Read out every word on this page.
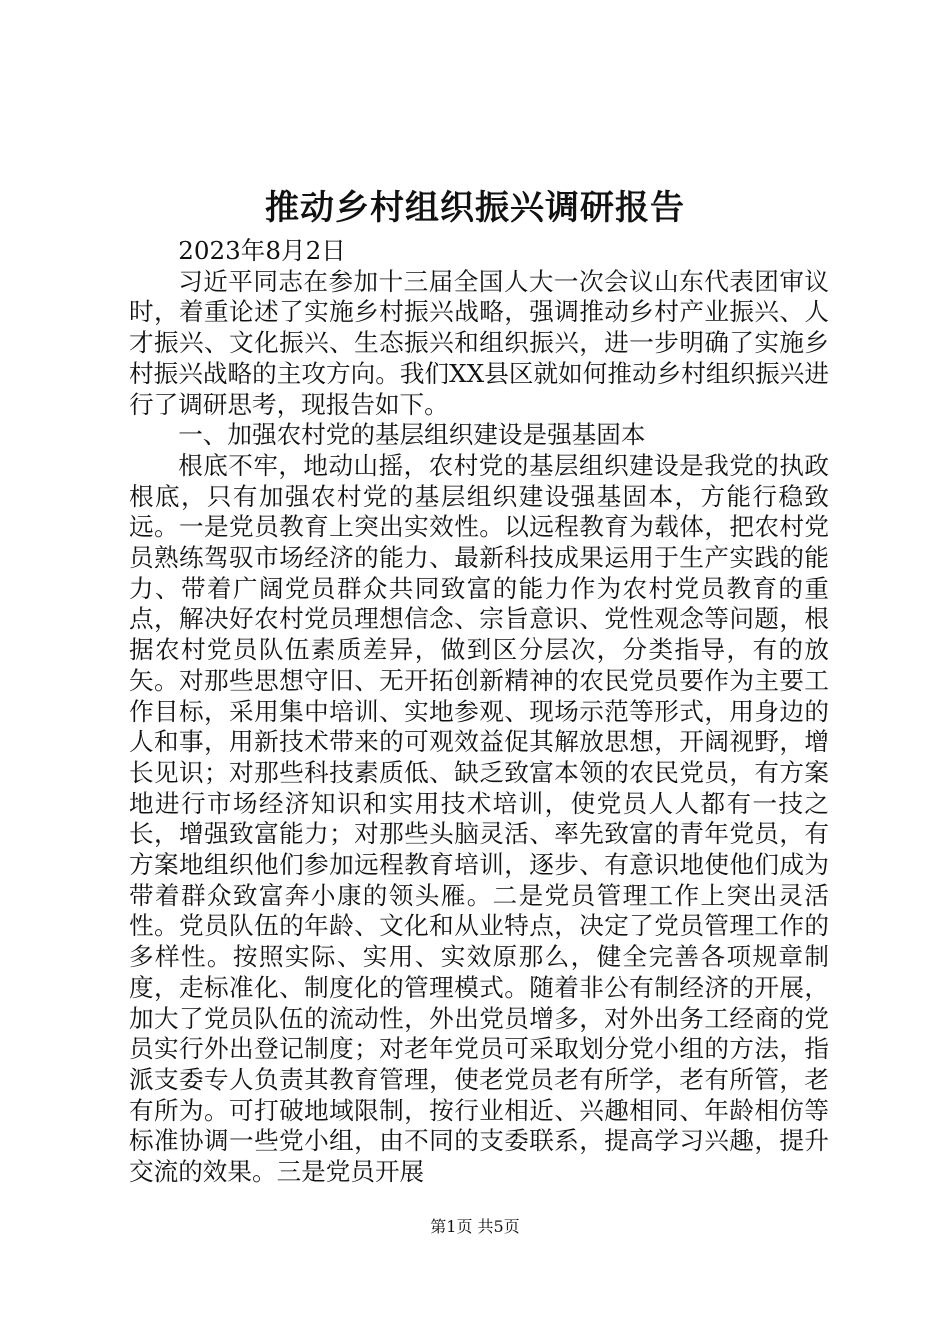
推动乡村组织振兴调研报告

2023年8月2日

习近平同志在参加十三届全国人大一次会议山东代表团审议时，着重论述了实施乡村振兴战略，强调推动乡村产业振兴、人才振兴、文化振兴、生态振兴和组织振兴，进一步明确了实施乡村振兴战略的主攻方向。我们XX县区就如何推动乡村组织振兴进行了调研思考，现报告如下。

一、加强农村党的基层组织建设是强基固本

根底不牢，地动山摇，农村党的基层组织建设是我党的执政根底，只有加强农村党的基层组织建设强基固本，方能行稳致远。一是党员教育上突出实效性。以远程教育为载体，把农村党员熟练驾驭市场经济的能力、最新科技成果运用于生产实践的能力、带着广阔党员群众共同致富的能力作为农村党员教育的重点，解决好农村党员理想信念、宗旨意识、党性观念等问题，根据农村党员队伍素质差异，做到区分层次，分类指导，有的放矢。对那些思想守旧、无开拓创新精神的农民党员要作为主要工作目标，采用集中培训、实地参观、现场示范等形式，用身边的人和事，用新技术带来的可观效益促其解放思想，开阔视野，增长见识；对那些科技素质低、缺乏致富本领的农民党员，有方案地进行市场经济知识和实用技术培训，使党员人人都有一技之长，增强致富能力；对那些头脑灵活、率先致富的青年党员，有方案地组织他们参加远程教育培训，逐步、有意识地使他们成为带着群众致富奔小康的领头雁。二是党员管理工作上突出灵活性。党员队伍的年龄、文化和从业特点，决定了党员管理工作的多样性。按照实际、实用、实效原那么，健全完善各项规章制度，走标准化、制度化的管理模式。随着非公有制经济的开展，加大了党员队伍的流动性，外出党员增多，对外出务工经商的党员实行外出登记制度；对老年党员可采取划分党小组的方法，指派支委专人负责其教育管理，使老党员老有所学，老有所管，老有所为。可打破地域限制，按行业相近、兴趣相同、年龄相仿等标准协调一些党小组，由不同的支委联系，提高学习兴趣，提升交流的效果。三是党员开展

第1页 共5页
